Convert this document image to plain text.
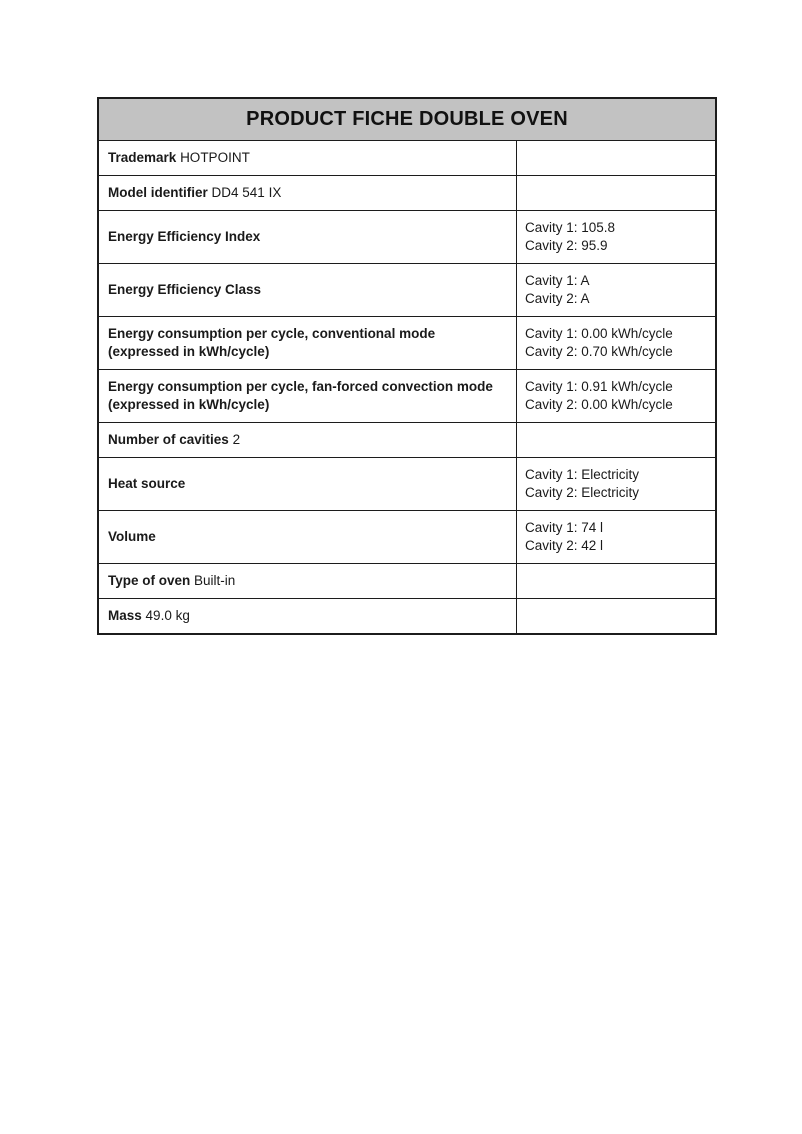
PRODUCT FICHE DOUBLE OVEN
Trademark HOTPOINT
Model identifier DD4 541 IX
Energy Efficiency Index
Cavity 1: 105.8
Cavity 2: 95.9
Energy Efficiency Class
Cavity 1: A
Cavity 2: A
Energy consumption per cycle, conventional mode (expressed in kWh/cycle)
Cavity 1: 0.00 kWh/cycle
Cavity 2: 0.70 kWh/cycle
Energy consumption per cycle, fan-forced convection mode (expressed in kWh/cycle)
Cavity 1: 0.91 kWh/cycle
Cavity 2: 0.00 kWh/cycle
Number of cavities 2
Heat source
Cavity 1: Electricity
Cavity 2: Electricity
Volume
Cavity 1: 74 l
Cavity 2: 42 l
Type of oven Built-in
Mass 49.0 kg
